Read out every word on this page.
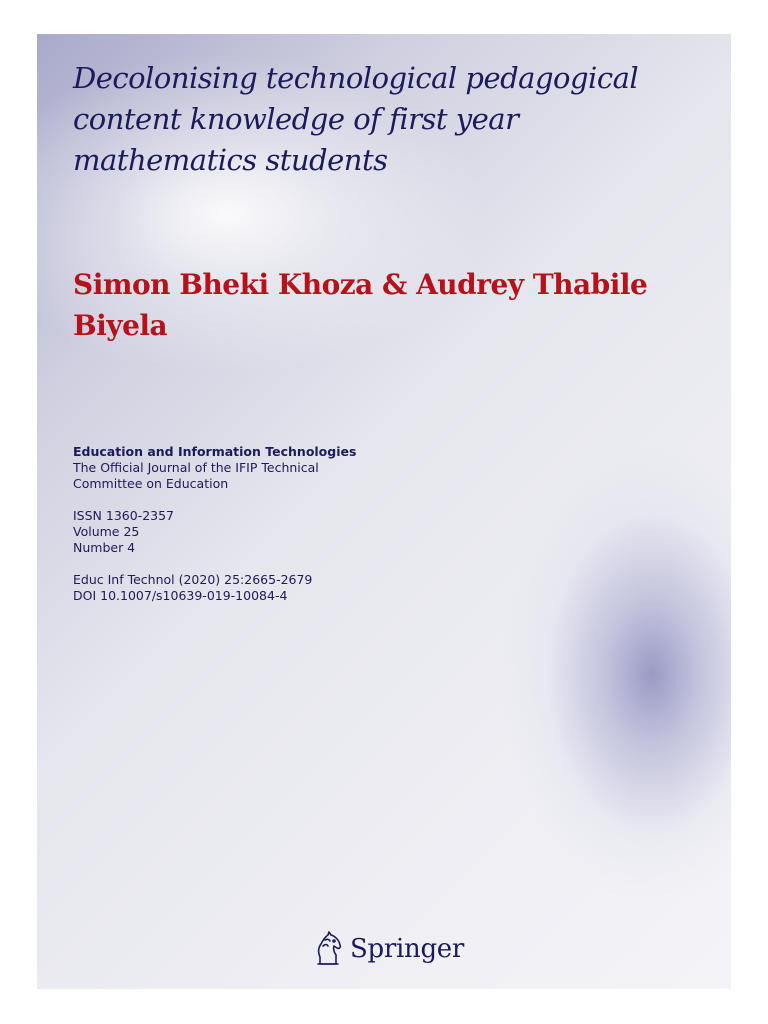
Decolonising technological pedagogical content knowledge of first year mathematics students
Simon Bheki Khoza & Audrey Thabile Biyela
Education and Information Technologies
The Official Journal of the IFIP Technical Committee on Education
ISSN 1360-2357
Volume 25
Number 4
Educ Inf Technol (2020) 25:2665-2679
DOI 10.1007/s10639-019-10084-4
Springer
